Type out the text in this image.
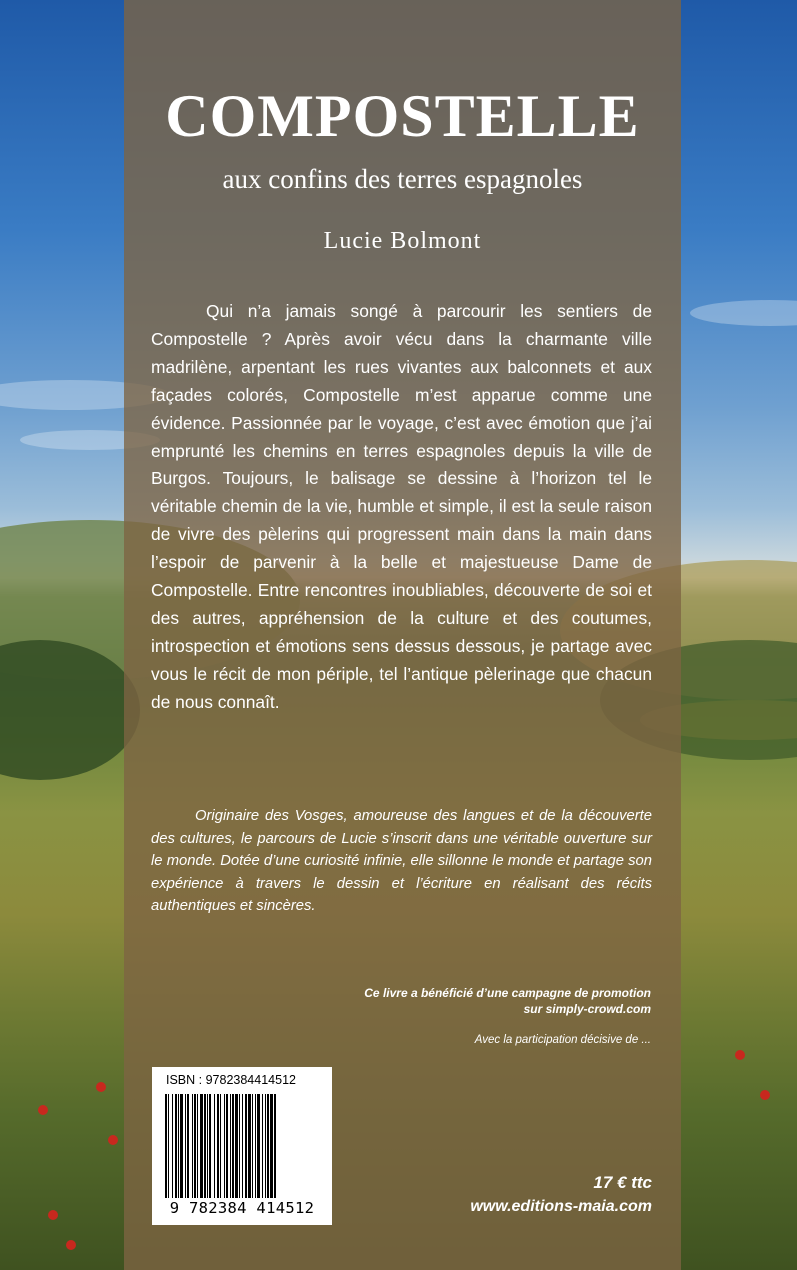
COMPOSTELLE
aux confins des terres espagnoles
Lucie Bolmont

Qui n’a jamais songé à parcourir les sentiers de Compostelle ? Après avoir vécu dans la charmante ville madrilène, arpentant les rues vivantes aux balconnets et aux façades colorés, Compostelle m’est apparue comme une évidence. Passionnée par le voyage, c’est avec émotion que j’ai emprunté les chemins en terres espagnoles depuis la ville de Burgos. Toujours, le balisage se dessine à l’horizon tel le véritable chemin de la vie, humble et simple, il est la seule raison de vivre des pèlerins qui progressent main dans la main dans l’espoir de parvenir à la belle et majestueuse Dame de Compostelle. Entre rencontres inoubliables, découverte de soi et des autres, appréhension de la culture et des coutumes, introspection et émotions sens dessus dessous, je partage avec vous le récit de mon périple, tel l’antique pèlerinage que chacun de nous connaît.

Originaire des Vosges, amoureuse des langues et de la découverte des cultures, le parcours de Lucie s’inscrit dans une véritable ouverture sur le monde. Dotée d’une curiosité infinie, elle sillonne le monde et partage son expérience à travers le dessin et l’écriture en réalisant des récits authentiques et sincères.

Ce livre a bénéficié d’une campagne de promotion
sur simply-crowd.com
Avec la participation décisive de ...
ISBN : 9782384414512
9 782384 414512
17 € ttc
www.editions-maia.com
